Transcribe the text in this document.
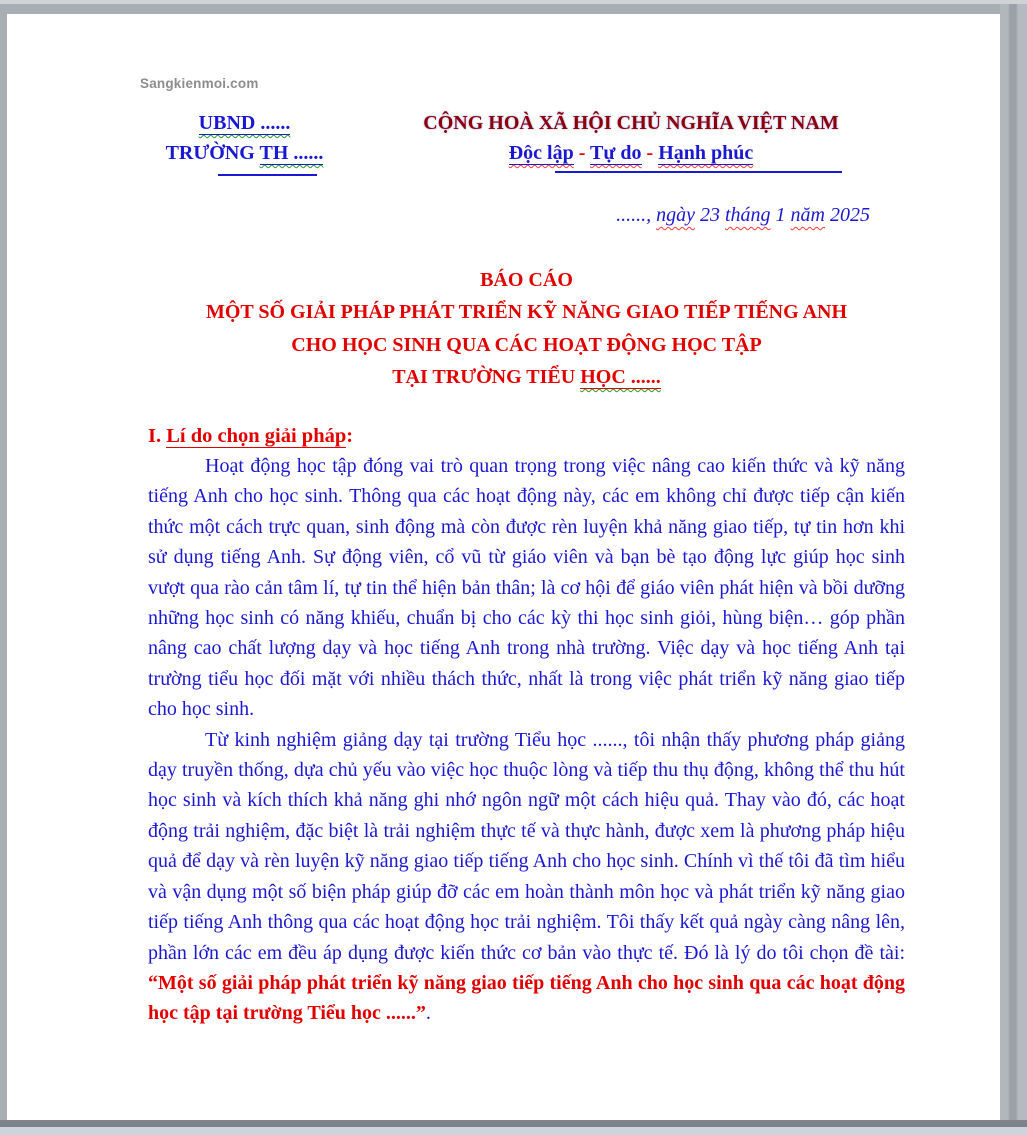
Sangkienmoi.com
UBND ......
TRƯỜNG TH ......
CỘNG HOÀ XÃ HỘI CHỦ NGHĨA VIỆT NAM
Độc lập - Tự do - Hạnh phúc
......, ngày 23 tháng 1 năm 2025
BÁO CÁO
MỘT SỐ GIẢI PHÁP PHÁT TRIỂN KỸ NĂNG GIAO TIẾP TIẾNG ANH
CHO HỌC SINH QUA CÁC HOẠT ĐỘNG HỌC TẬP
TẠI TRƯỜNG TIỂU HỌC ......
I. Lí do chọn giải pháp:

Hoạt động học tập đóng vai trò quan trọng trong việc nâng cao kiến thức và kỹ năng tiếng Anh cho học sinh. Thông qua các hoạt động này, các em không chỉ được tiếp cận kiến thức một cách trực quan, sinh động mà còn được rèn luyện khả năng giao tiếp, tự tin hơn khi sử dụng tiếng Anh. Sự động viên, cổ vũ từ giáo viên và bạn bè tạo động lực giúp học sinh vượt qua rào cản tâm lí, tự tin thể hiện bản thân; là cơ hội để giáo viên phát hiện và bồi dưỡng những học sinh có năng khiếu, chuẩn bị cho các kỳ thi học sinh giỏi, hùng biện… góp phần nâng cao chất lượng dạy và học tiếng Anh trong nhà trường. Việc dạy và học tiếng Anh tại trường tiểu học đối mặt với nhiều thách thức, nhất là trong việc phát triển kỹ năng giao tiếp cho học sinh.

Từ kinh nghiệm giảng dạy tại trường Tiểu học ......, tôi nhận thấy phương pháp giảng dạy truyền thống, dựa chủ yếu vào việc học thuộc lòng và tiếp thu thụ động, không thể thu hút học sinh và kích thích khả năng ghi nhớ ngôn ngữ một cách hiệu quả. Thay vào đó, các hoạt động trải nghiệm, đặc biệt là trải nghiệm thực tế và thực hành, được xem là phương pháp hiệu quả để dạy và rèn luyện kỹ năng giao tiếp tiếng Anh cho học sinh. Chính vì thế tôi đã tìm hiểu và vận dụng một số biện pháp giúp đỡ các em hoàn thành môn học và phát triển kỹ năng giao tiếp tiếng Anh thông qua các hoạt động học trải nghiệm. Tôi thấy kết quả ngày càng nâng lên, phần lớn các em đều áp dụng được kiến thức cơ bản vào thực tế. Đó là lý do tôi chọn đề tài: “Một số giải pháp phát triển kỹ năng giao tiếp tiếng Anh cho học sinh qua các hoạt động học tập tại trường Tiểu học ......”.
